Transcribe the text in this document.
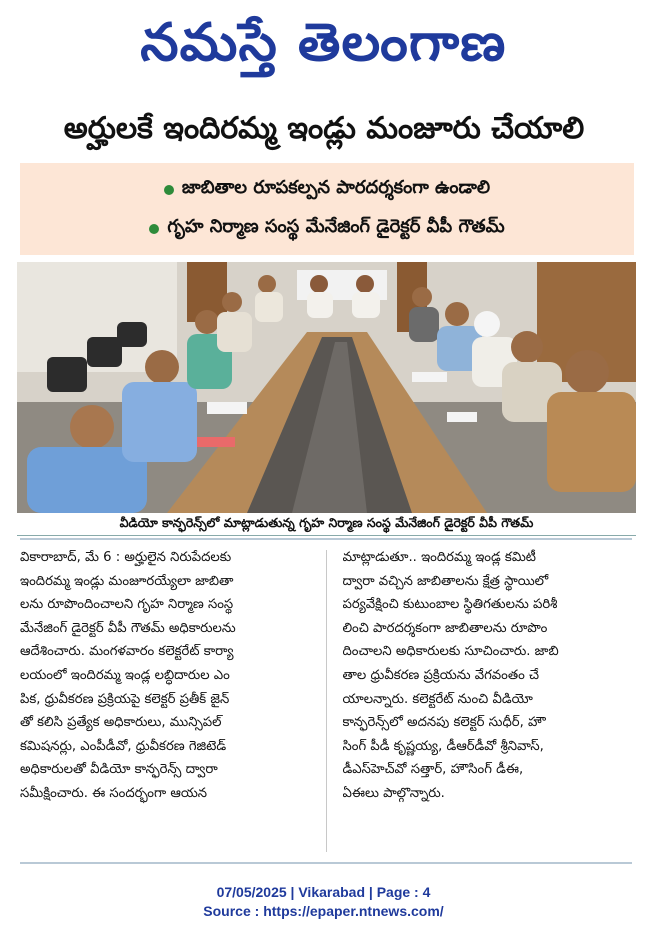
నమస్తే తెలంగాణ
అర్హులకే ఇందిరమ్మ ఇండ్లు మంజూరు చేయాలి
జాబితాల రూపకల్పన పారదర్శకంగా ఉండాలి
గృహ నిర్మాణ సంస్థ మేనేజింగ్ డైరెక్టర్ వీపీ గౌతమ్
వీడియో కాన్ఫరెన్స్‌లో మాట్లాడుతున్న గృహ నిర్మాణ సంస్థ మేనేజింగ్ డైరెక్టర్ వీపీ గౌతమ్
వికారాబాద్, మే 6 : అర్హులైన నిరుపేదలకు
ఇందిరమ్మ ఇండ్లు మంజూరయ్యేలా జాబితా
లను రూపొందించాలని గృహ నిర్మాణ సంస్థ
మేనేజింగ్ డైరెక్టర్ వీపీ గౌతమ్ అధికారులను
ఆదేశించారు. మంగళవారం కలెక్టరేట్ కార్యా
లయంలో ఇందిరమ్మ ఇండ్ల లబ్ధిదారుల ఎం
పిక, ధ్రువీకరణ ప్రక్రియపై కలెక్టర్ ప్రతీక్ జైన్
తో కలిసి ప్రత్యేక అధికారులు, మున్సిపల్
కమిషనర్లు, ఎంపీడీవో, ధ్రువీకరణ గెజిటెడ్
అధికారులతో వీడియో కాన్ఫరెన్స్ ద్వారా
సమీక్షించారు. ఈ సందర్భంగా ఆయన
మాట్లాడుతూ.. ఇందిరమ్మ ఇండ్ల కమిటీ
ద్వారా వచ్చిన జాబితాలను క్షేత్ర స్థాయిలో
పర్యవేక్షించి కుటుంబాల స్థితిగతులను పరిశీ
లించి పారదర్శకంగా జాబితాలను రూపొం
దించాలని అధికారులకు సూచించారు. జాబి
తాల ధ్రువీకరణ ప్రక్రియను వేగవంతం చే
యాలన్నారు. కలెక్టరేట్ నుంచి వీడియో
కాన్ఫరెన్స్‌లో అదనపు కలెక్టర్ సుధీర్, హౌ
సింగ్ పీడీ కృష్ణయ్య, డీఆర్‌డీవో శ్రీనివాస్,
డీఎస్‌హెచ్‌వో సత్తార్, హౌసింగ్ డీఈ,
ఏఈలు పాల్గొన్నారు.
07/05/2025 | Vikarabad | Page : 4
Source : https://epaper.ntnews.com/
